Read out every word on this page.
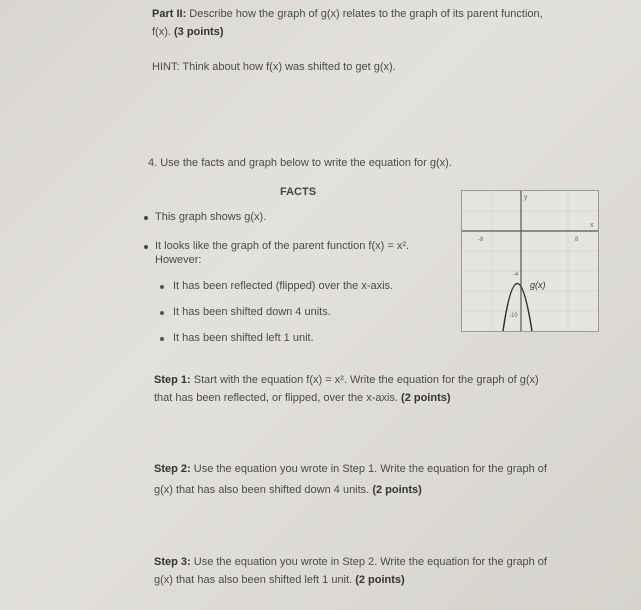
Part II: Describe how the graph of g(x) relates to the graph of its parent function,
f(x). (3 points)
HINT: Think about how f(x) was shifted to get g(x).
4. Use the facts and graph below to write the equation for g(x).
FACTS
This graph shows g(x).
It looks like the graph of the parent function f(x) = x².
However:
It has been reflected (flipped) over the x-axis.
It has been shifted down 4 units.
It has been shifted left 1 unit.
-8	8
-4
-10
y
x
g(x)
Step 1: Start with the equation f(x) = x². Write the equation for the graph of g(x)
that has been reflected, or flipped, over the x-axis. (2 points)
Step 2: Use the equation you wrote in Step 1. Write the equation for the graph of
g(x) that has also been shifted down 4 units. (2 points)
Step 3: Use the equation you wrote in Step 2. Write the equation for the graph of
g(x) that has also been shifted left 1 unit. (2 points)
